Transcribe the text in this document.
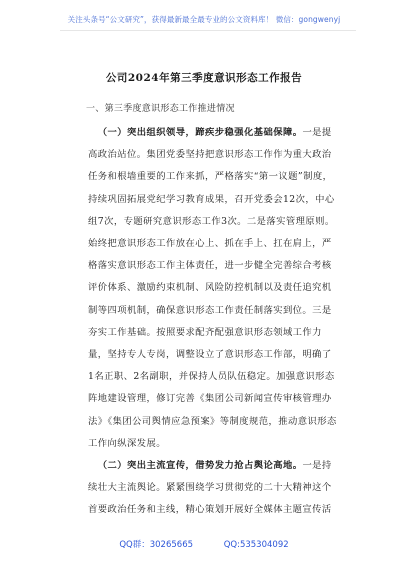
关注头条号“公文研究”，获得最新最全最专业的公文资料库！ 微信：gongwenyj
公司2024年第三季度意识形态工作报告
一、第三季度意识形态工作推进情况

 （一）突出组织领导，蹄疾步稳强化基础保障。一是提高政治站位。集团党委坚持把意识形态工作作为重大政治任务和根墙重要的工作来抓，严格落实“第一议题”制度，持续巩固拓展党纪学习教育成果，召开党委会12次，中心组7次，专题研究意识形态工作3次。二是落实管理原则。始终把意识形态工作放在心上、抓在手上、扛在肩上，严格落实意识形态工作主体责任，进一步健全完善综合考核评价体系、激励约束机制、风险防控机制以及责任追究机制等四项机制，确保意识形态工作责任制落实到位。三是夯实工作基础。按照要求配齐配强意识形态领域工作力量，坚持专人专岗，调整设立了意识形态工作部，明确了1名正职、2名副职，并保持人员队伍稳定。加强意识形态阵地建设管理，修订完善《集团公司新闻宣传审核管理办法》《集团公司舆情应急预案》等制度规范，推动意识形态工作向纵深发展。

 （二）突出主流宣传，借势发力抢占舆论高地。一是持续壮大主流舆论。紧紧围绕学习贯彻党的二十大精神这个首要政治任务和主线，精心策划开展好全媒体主题宣传活

QQ群：30265665	QQ:535304092
